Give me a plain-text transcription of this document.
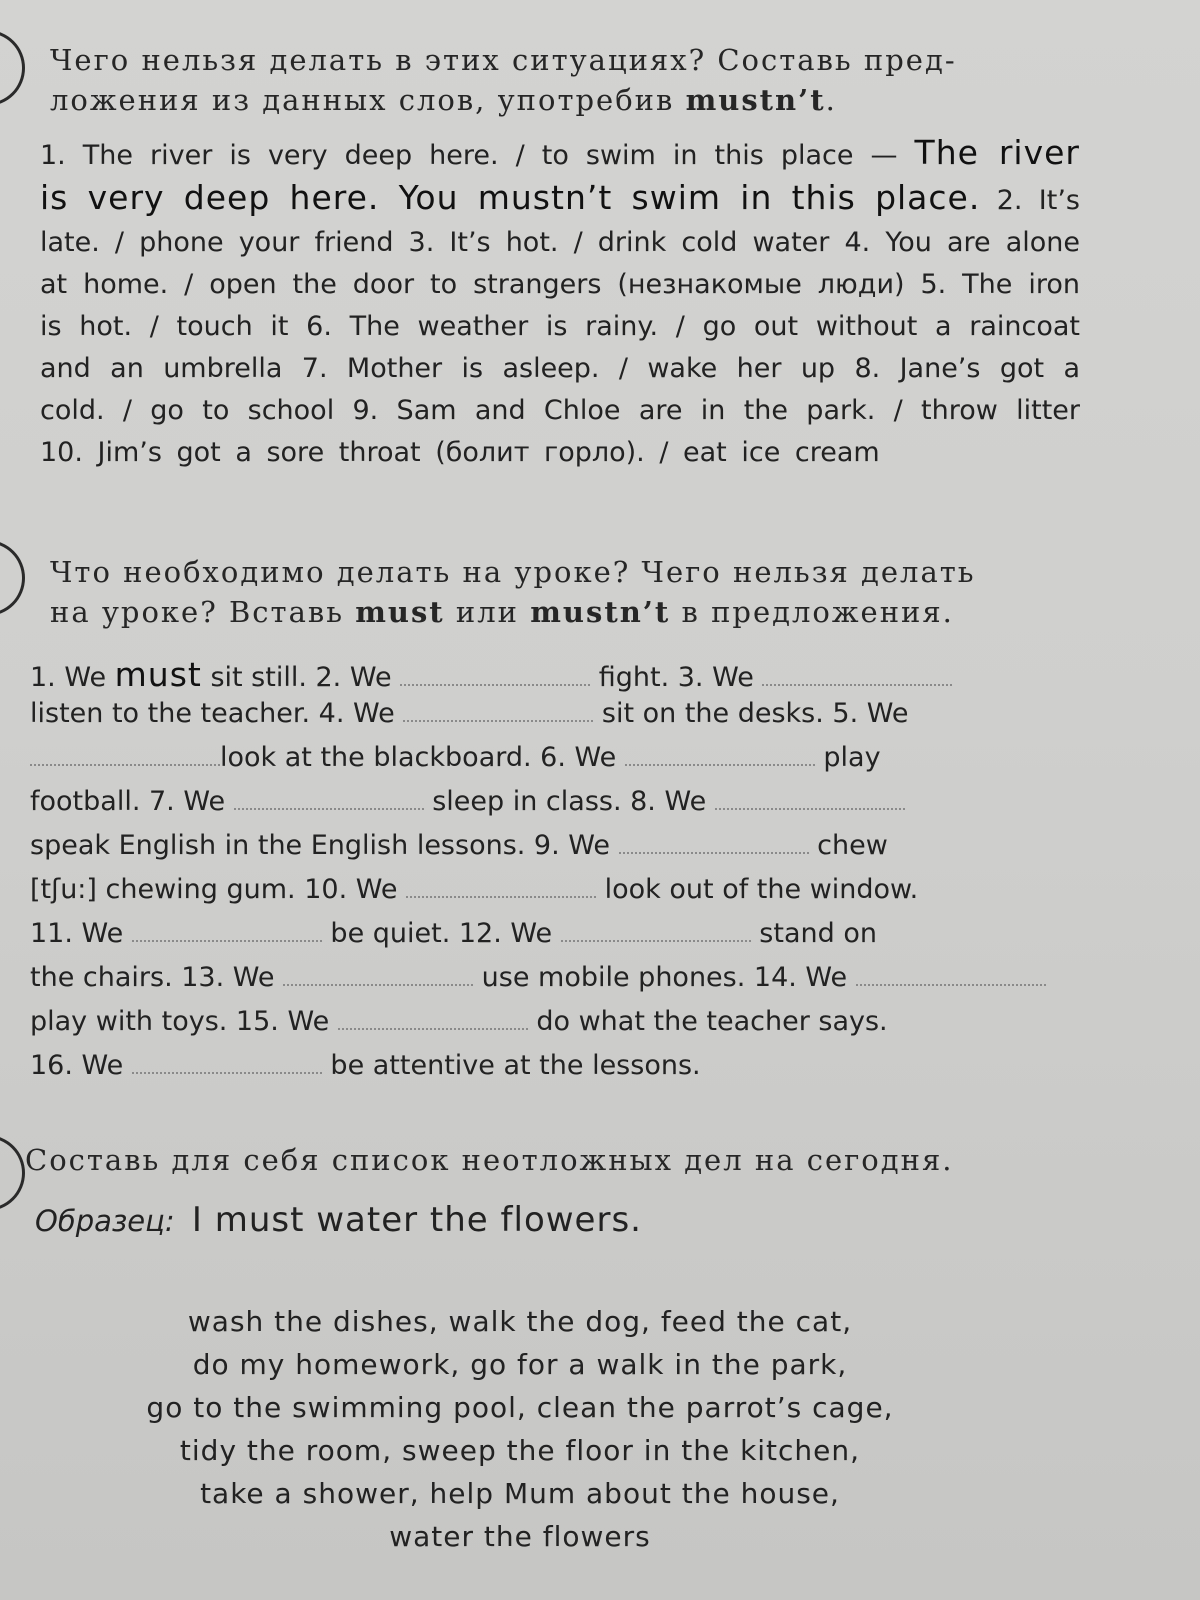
Чего нельзя делать в этих ситуациях? Составь пред-
ложения из данных слов, употребив mustn’t.
1. The river is very deep here. / to swim in this place — The river is very deep here. You mustn’t swim in this place. 2. It’s late. / phone your friend 3. It’s hot. / drink cold water 4. You are alone at home. / open the door to strangers (незнакомые люди) 5. The iron is hot. / touch it 6. The weather is rainy. / go out without a raincoat and an umbrella 7. Mother is asleep. / wake her up 8. Jane’s got a cold. / go to school 9. Sam and Chloe are in the park. / throw litter 10. Jim’s got a sore throat (болит горло). / eat ice cream
Что необходимо делать на уроке? Чего нельзя делать
на уроке? Вставь must или mustn’t в предложения.
1. We must sit still. 2. We	fight. 3. We
listen to the teacher. 4. We	sit on the desks. 5. We
look at the blackboard. 6. We	play
football. 7. We	sleep in class. 8. We
speak English in the English lessons. 9. We	chew
[tʃu:] chewing gum. 10. We	look out of the window.
11. We	be quiet. 12. We	stand on
the chairs. 13. We	use mobile phones. 14. We
play with toys. 15. We	do what the teacher says.
16. We	be attentive at the lessons.
Составь для себя список неотложных дел на сегодня.
Образец: I must water the flowers.
wash the dishes, walk the dog, feed the cat,
do my homework, go for a walk in the park,
go to the swimming pool, clean the parrot’s cage,
tidy the room, sweep the floor in the kitchen,
take a shower, help Mum about the house,
water the flowers
